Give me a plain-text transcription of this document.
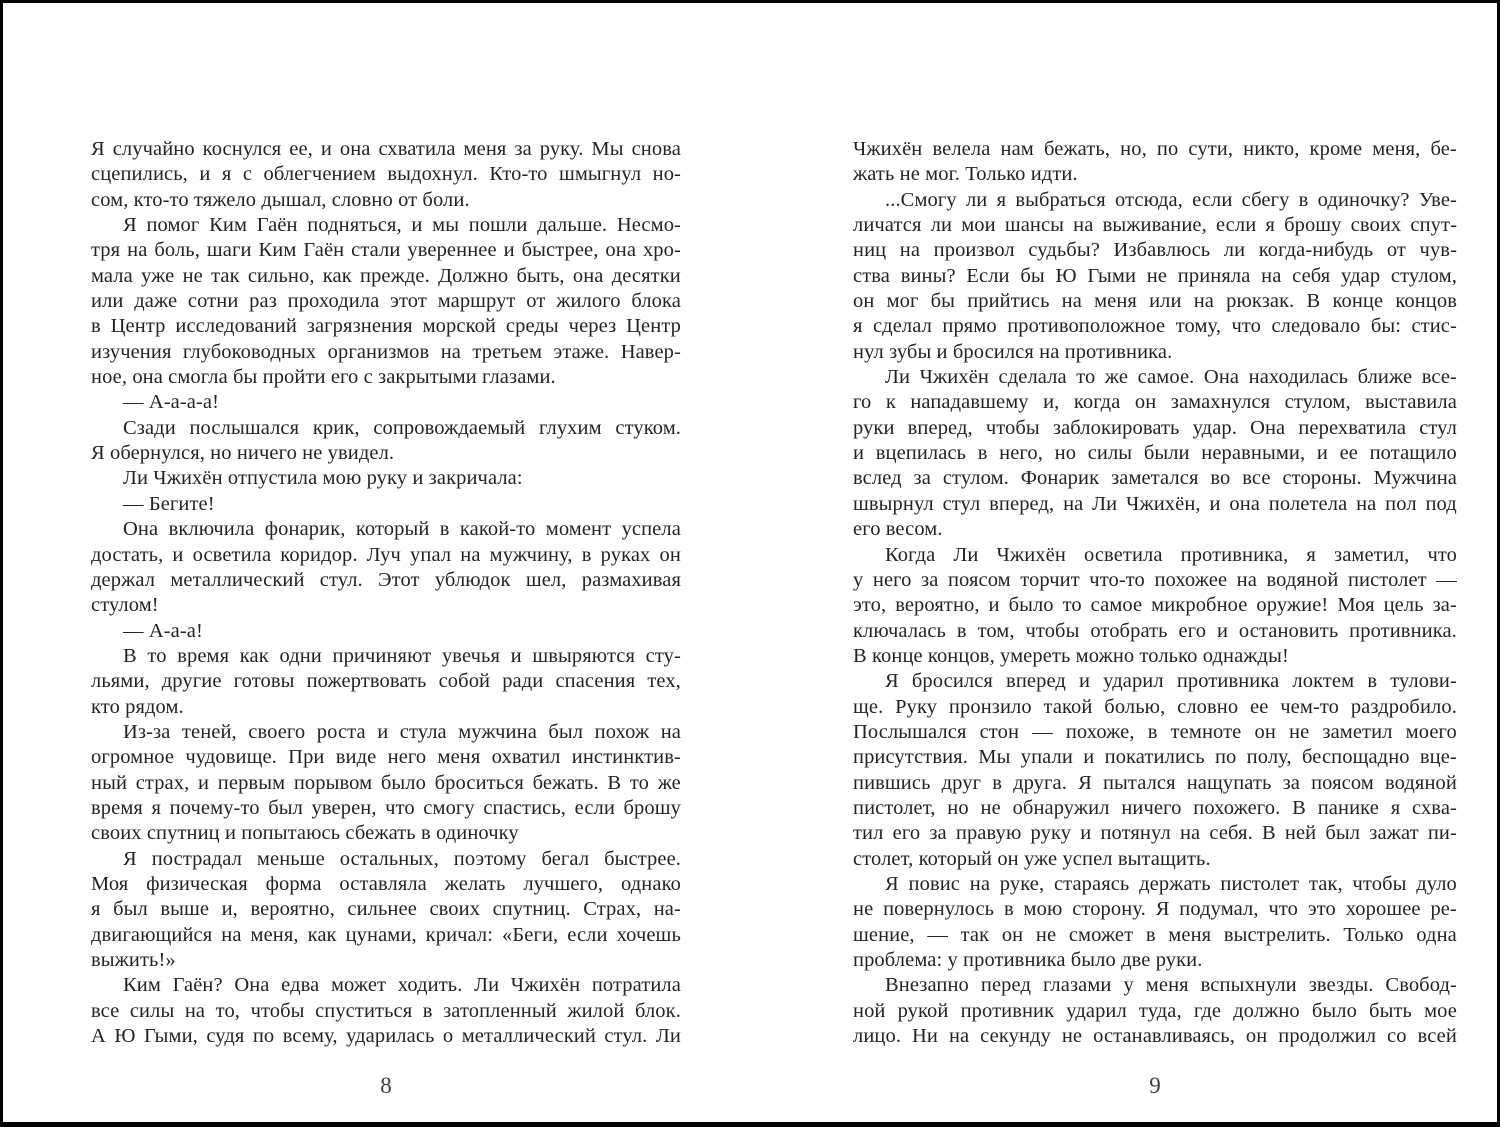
Я случайно коснулся ее, и она схватила меня за руку. Мы снова
сцепились, и я с облегчением выдохнул. Кто-то шмыгнул но-
сом, кто-то тяжело дышал, словно от боли.
Я помог Ким Гаён подняться, и мы пошли дальше. Несмо-
тря на боль, шаги Ким Гаён стали увереннее и быстрее, она хро-
мала уже не так сильно, как прежде. Должно быть, она десятки
или даже сотни раз проходила этот маршрут от жилого блока
в Центр исследований загрязнения морской среды через Центр
изучения глубоководных организмов на третьем этаже. Навер-
ное, она смогла бы пройти его с закрытыми глазами.
— А-а-а-а!
Сзади послышался крик, сопровождаемый глухим стуком.
Я обернулся, но ничего не увидел.
Ли Чжихён отпустила мою руку и закричала:
— Бегите!
Она включила фонарик, который в какой-то момент успела
достать, и осветила коридор. Луч упал на мужчину, в руках он
держал металлический стул. Этот ублюдок шел, размахивая
стулом!
— А-а-а!
В то время как одни причиняют увечья и швыряются сту-
льями, другие готовы пожертвовать собой ради спасения тех,
кто рядом.
Из-за теней, своего роста и стула мужчина был похож на
огромное чудовище. При виде него меня охватил инстинктив-
ный страх, и первым порывом было броситься бежать. В то же
время я почему-то был уверен, что смогу спастись, если брошу
своих спутниц и попытаюсь сбежать в одиночку
Я пострадал меньше остальных, поэтому бегал быстрее.
Моя физическая форма оставляла желать лучшего, однако
я был выше и, вероятно, сильнее своих спутниц. Страх, на-
двигающийся на меня, как цунами, кричал: «Беги, если хочешь
выжить!»
Ким Гаён? Она едва может ходить. Ли Чжихён потратила
все силы на то, чтобы спуститься в затопленный жилой блок.
А Ю Гыми, судя по всему, ударилась о металлический стул. Ли
Чжихён велела нам бежать, но, по сути, никто, кроме меня, бе-
жать не мог. Только идти.
...Смогу ли я выбраться отсюда, если сбегу в одиночку? Уве-
личатся ли мои шансы на выживание, если я брошу своих спут-
ниц на произвол судьбы? Избавлюсь ли когда-нибудь от чув-
ства вины? Если бы Ю Гыми не приняла на себя удар стулом,
он мог бы прийтись на меня или на рюкзак. В конце концов
я сделал прямо противоположное тому, что следовало бы: стис-
нул зубы и бросился на противника.
Ли Чжихён сделала то же самое. Она находилась ближе все-
го к нападавшему и, когда он замахнулся стулом, выставила
руки вперед, чтобы заблокировать удар. Она перехватила стул
и вцепилась в него, но силы были неравными, и ее потащило
вслед за стулом. Фонарик заметался во все стороны. Мужчина
швырнул стул вперед, на Ли Чжихён, и она полетела на пол под
его весом.
Когда Ли Чжихён осветила противника, я заметил, что
у него за поясом торчит что-то похожее на водяной пистолет —
это, вероятно, и было то самое микробное оружие! Моя цель за-
ключалась в том, чтобы отобрать его и остановить противника.
В конце концов, умереть можно только однажды!
Я бросился вперед и ударил противника локтем в тулови-
ще. Руку пронзило такой болью, словно ее чем-то раздробило.
Послышался стон — похоже, в темноте он не заметил моего
присутствия. Мы упали и покатились по полу, беспощадно вце-
пившись друг в друга. Я пытался нащупать за поясом водяной
пистолет, но не обнаружил ничего похожего. В панике я схва-
тил его за правую руку и потянул на себя. В ней был зажат пи-
столет, который он уже успел вытащить.
Я повис на руке, стараясь держать пистолет так, чтобы дуло
не повернулось в мою сторону. Я подумал, что это хорошее ре-
шение, — так он не сможет в меня выстрелить. Только одна
проблема: у противника было две руки.
Внезапно перед глазами у меня вспыхнули звезды. Свобод-
ной рукой противник ударил туда, где должно было быть мое
лицо. Ни на секунду не останавливаясь, он продолжил со всей
8	9
